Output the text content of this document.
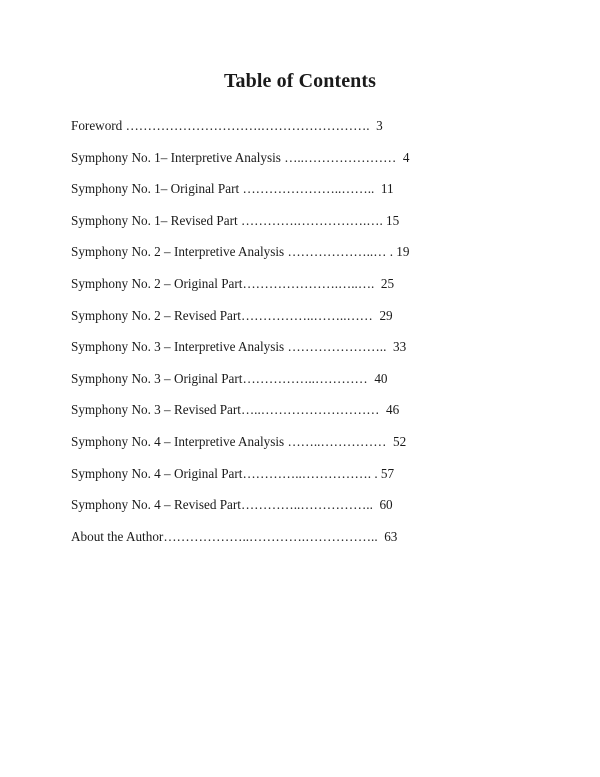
Table of Contents
Foreword ………………………….…………………….  3
Symphony No. 1– Interpretive Analysis …..…………………  4
Symphony No. 1– Original Part …………………..……..  11
Symphony No. 1– Revised Part ………….…………….…. 15
Symphony No. 2 – Interpretive Analysis ………………..… . 19
Symphony No. 2 – Original Part………………….…..….  25
Symphony No. 2 – Revised Part……………..……..……  29
Symphony No. 3 – Interpretive Analysis …………………..  33
Symphony No. 3 – Original Part……………..…………  40
Symphony No. 3 – Revised Part…..………………………  46
Symphony No. 4 – Interpretive Analysis ……..……………  52
Symphony No. 4 – Original Part…………..……………. . 57
Symphony No. 4 – Revised Part…………..……………..  60
About the Author………………..………….……………..  63
